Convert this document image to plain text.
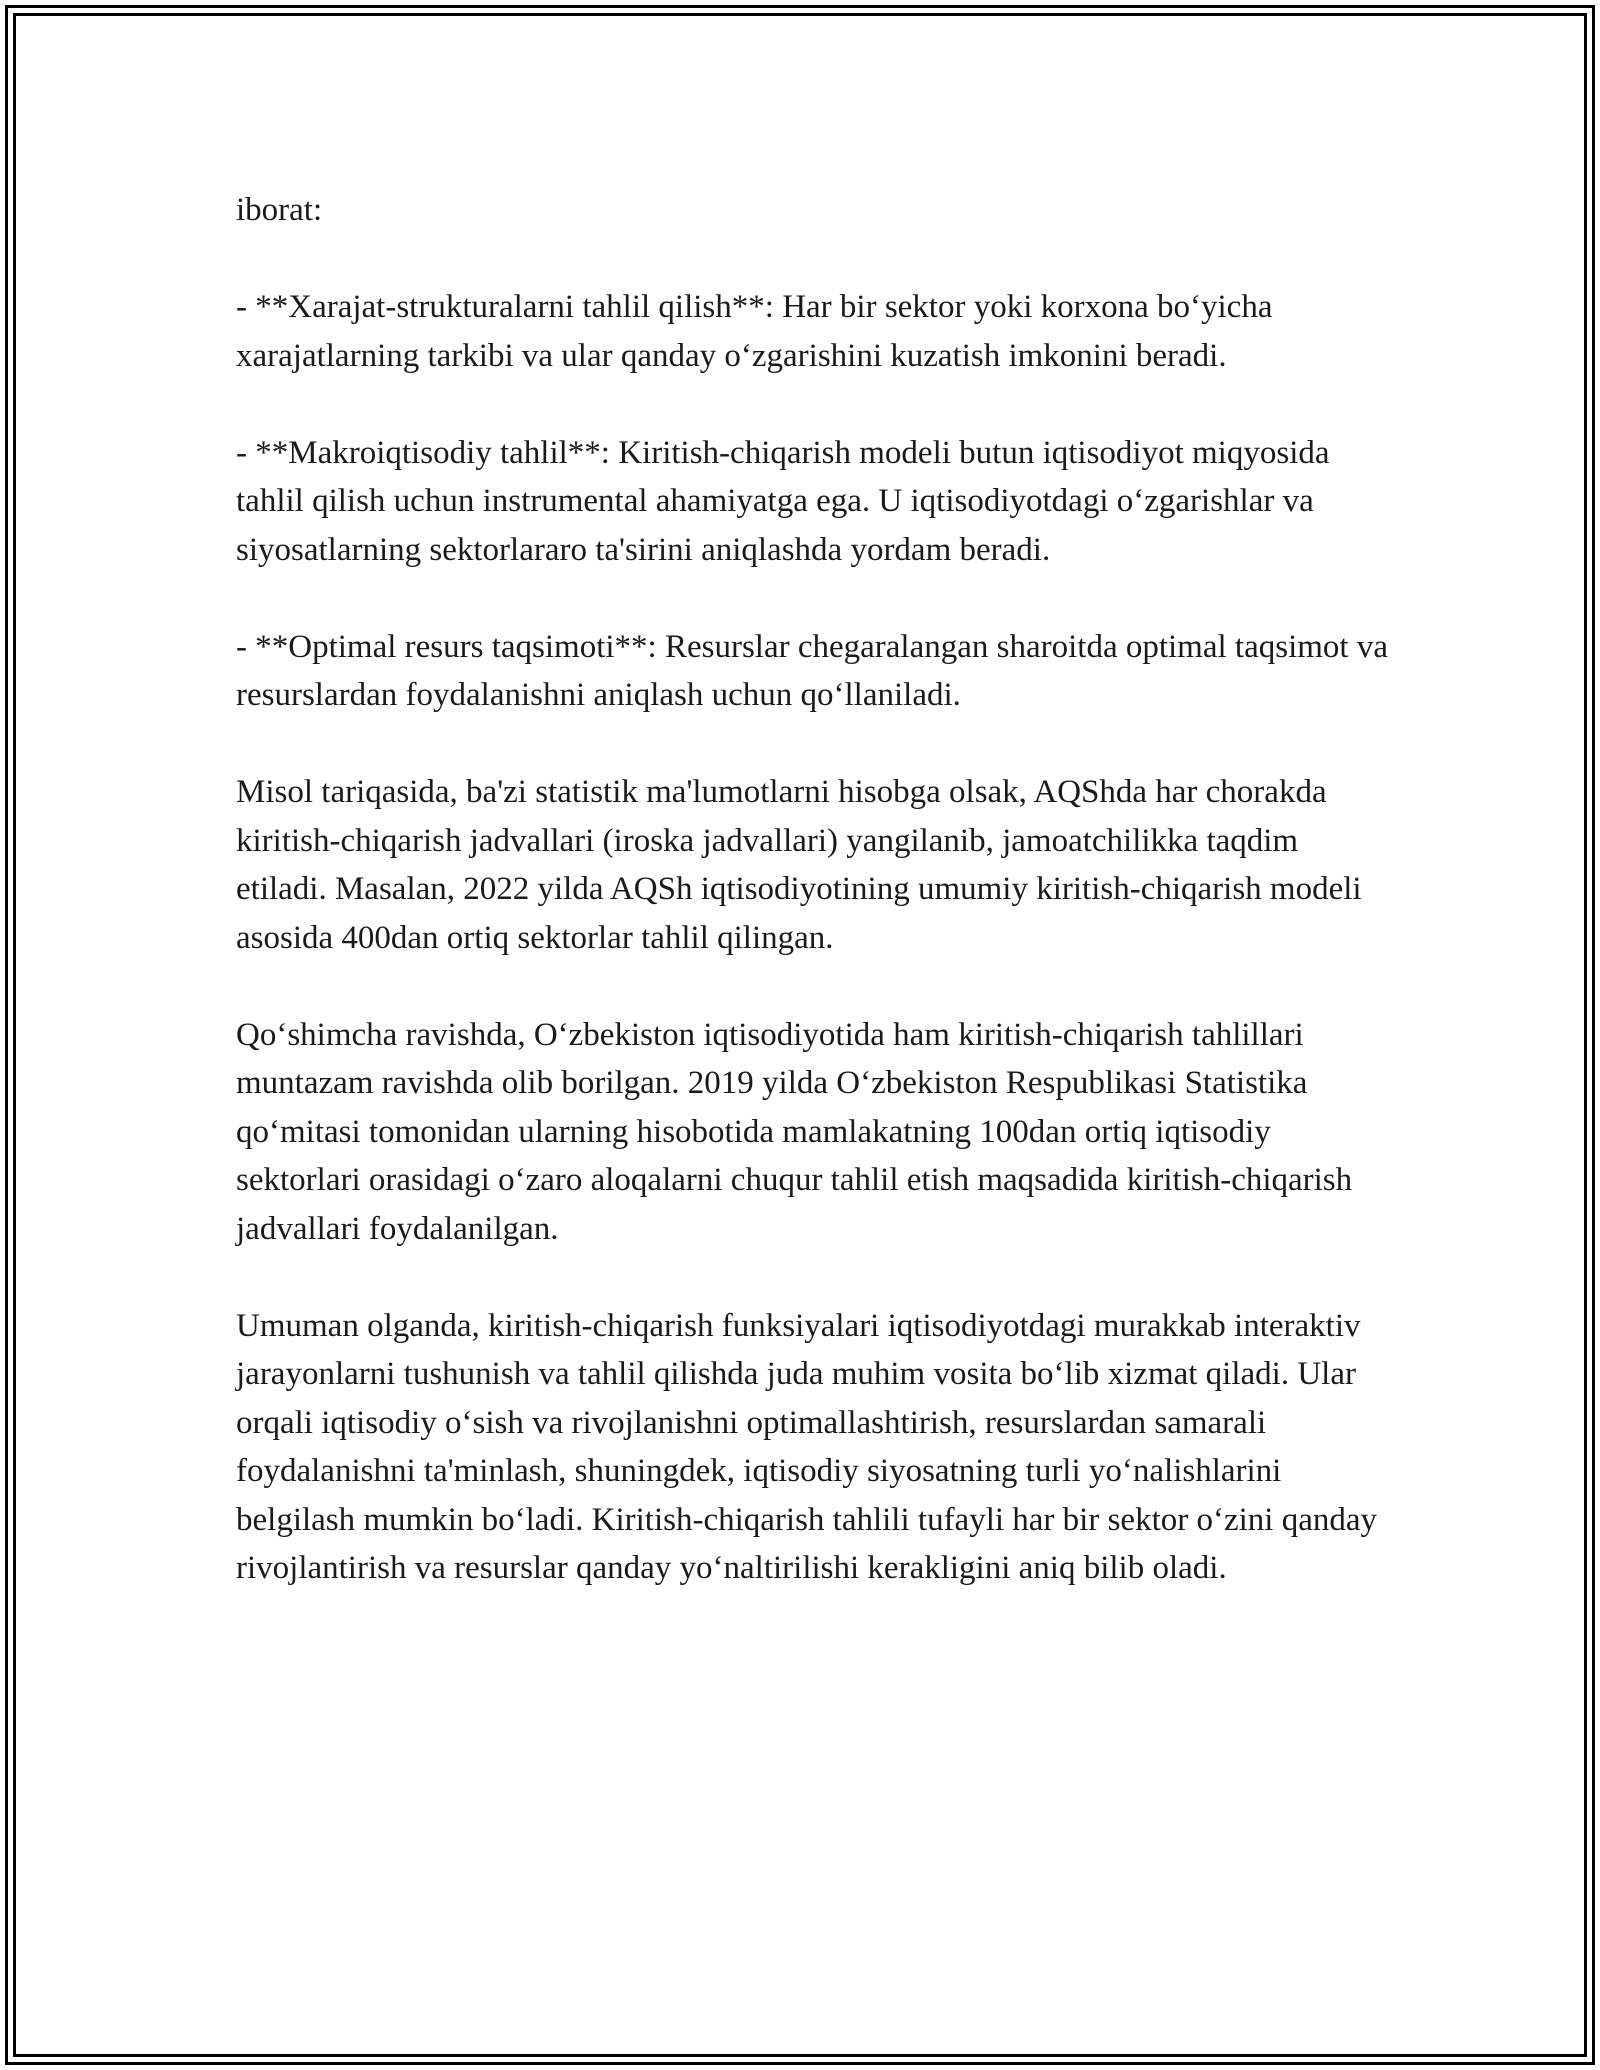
iborat:

- **Xarajat-strukturalarni tahlil qilish**: Har bir sektor yoki korxona bo‘yicha xarajatlarning tarkibi va ular qanday o‘zgarishini kuzatish imkonini beradi.

- **Makroiqtisodiy tahlil**: Kiritish-chiqarish modeli butun iqtisodiyot miqyosida tahlil qilish uchun instrumental ahamiyatga ega. U iqtisodiyotdagi o‘zgarishlar va siyosatlarning sektorlararo ta'sirini aniqlashda yordam beradi.

- **Optimal resurs taqsimoti**: Resurslar chegaralangan sharoitda optimal taqsimot va resurslardan foydalanishni aniqlash uchun qo‘llaniladi.

Misol tariqasida, ba'zi statistik ma'lumotlarni hisobga olsak, AQShda har chorakda kiritish-chiqarish jadvallari (iroska jadvallari) yangilanib, jamoatchilikka taqdim etiladi. Masalan, 2022 yilda AQSh iqtisodiyotining umumiy kiritish-chiqarish modeli asosida 400dan ortiq sektorlar tahlil qilingan.

Qo‘shimcha ravishda, O‘zbekiston iqtisodiyotida ham kiritish-chiqarish tahlillari muntazam ravishda olib borilgan. 2019 yilda O‘zbekiston Respublikasi Statistika qo‘mitasi tomonidan ularning hisobotida mamlakatning 100dan ortiq iqtisodiy sektorlari orasidagi o‘zaro aloqalarni chuqur tahlil etish maqsadida kiritish-chiqarish jadvallari foydalanilgan.

Umuman olganda, kiritish-chiqarish funksiyalari iqtisodiyotdagi murakkab interaktiv jarayonlarni tushunish va tahlil qilishda juda muhim vosita bo‘lib xizmat qiladi. Ular orqali iqtisodiy o‘sish va rivojlanishni optimallashtirish, resurslardan samarali foydalanishni ta'minlash, shuningdek, iqtisodiy siyosatning turli yo‘nalishlarini belgilash mumkin bo‘ladi. Kiritish-chiqarish tahlili tufayli har bir sektor o‘zini qanday rivojlantirish va resurslar qanday yo‘naltirilishi kerakligini aniq bilib oladi.
